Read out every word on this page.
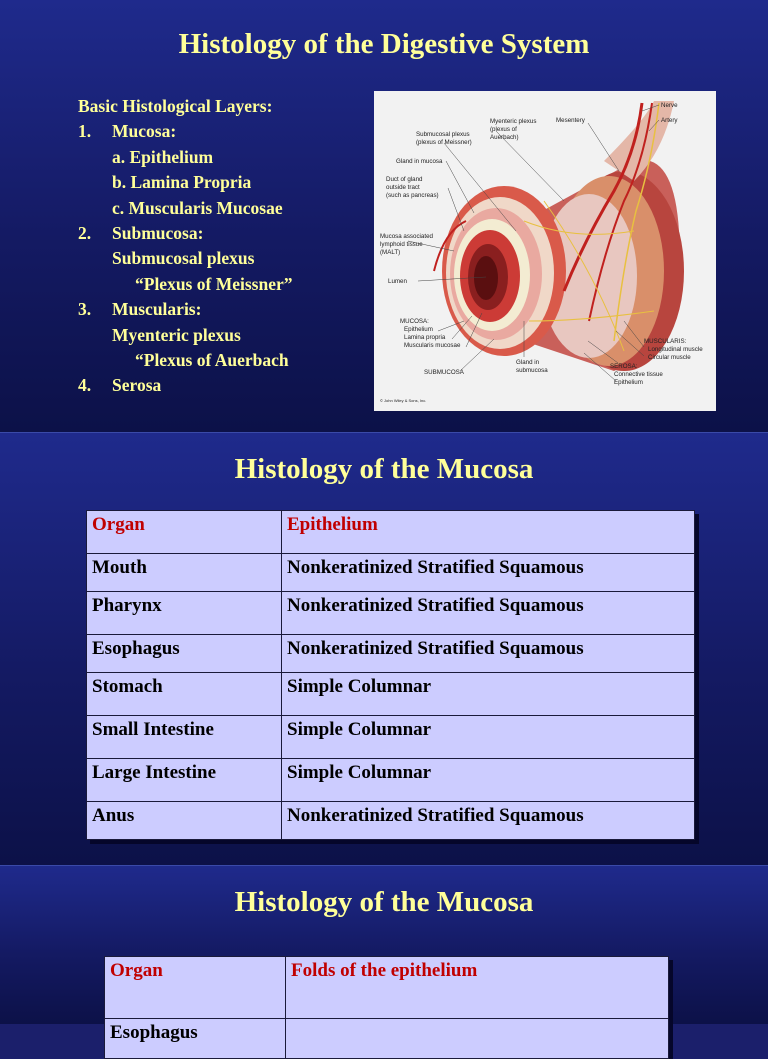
Histology of the Digestive System
Basic Histological Layers:
1. Mucosa:
a. Epithelium
b. Lamina Propria
c. Muscularis Mucosae
2. Submucosa:
Submucosal plexus
“Plexus of Meissner”
3. Muscularis:
Myenteric plexus
“Plexus of Auerbach
4. Serosa
Nerve
Artery
Mesentery
Myenteric plexus
(plexus of
Auerbach)
Submucosal plexus
(plexus of Meissner)
Gland in mucosa
Duct of gland
outside tract
(such as pancreas)
Mucosa associated
lymphoid tissue
(MALT)
Lumen
MUCOSA:
Epithelium
Lamina propria
Muscularis mucosae
SUBMUCOSA
Gland in
submucosa
SEROSA:
Connective tissue
Epithelium
MUSCULARIS:
Longitudinal muscle
Circular muscle
© John Wiley & Sons, Inc.
Histology of the Mucosa
Organ	Epithelium
Mouth	Nonkeratinized Stratified Squamous
Pharynx	Nonkeratinized Stratified Squamous
Esophagus	Nonkeratinized Stratified Squamous
Stomach	Simple Columnar
Small Intestine	Simple Columnar
Large Intestine	Simple Columnar
Anus	Nonkeratinized Stratified Squamous
Histology of the Mucosa
Organ	Folds of the epithelium
Esophagus	
